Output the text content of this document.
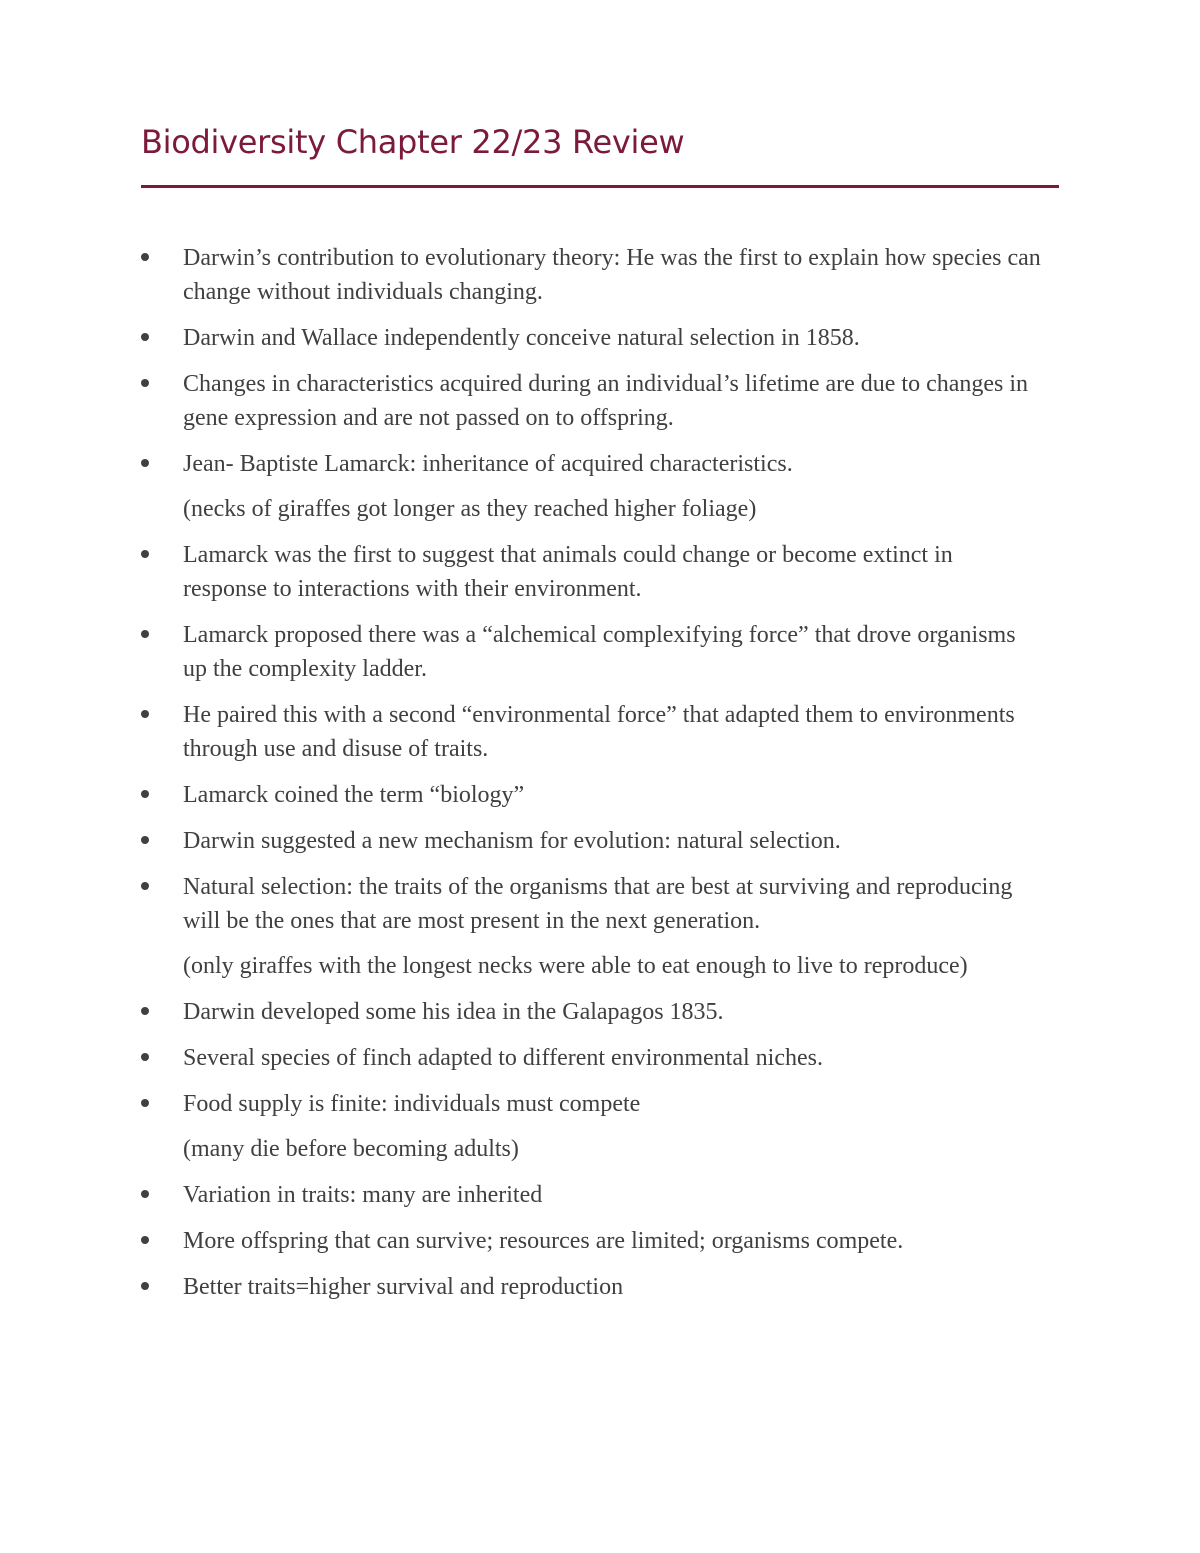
Biodiversity Chapter 22/23 Review
Darwin’s contribution to evolutionary theory: He was the first to explain how species can change without individuals changing.
Darwin and Wallace independently conceive natural selection in 1858.
Changes in characteristics acquired during an individual’s lifetime are due to changes in gene expression and are not passed on to offspring.
Jean- Baptiste Lamarck: inheritance of acquired characteristics.
(necks of giraffes got longer as they reached higher foliage)
Lamarck was the first to suggest that animals could change or become extinct in response to interactions with their environment.
Lamarck proposed there was a “alchemical complexifying force” that drove organisms up the complexity ladder.
He paired this with a second “environmental force” that adapted them to environments through use and disuse of traits.
Lamarck coined the term “biology”
Darwin suggested a new mechanism for evolution: natural selection.
Natural selection: the traits of the organisms that are best at surviving and reproducing will be the ones that are most present in the next generation.
(only giraffes with the longest necks were able to eat enough to live to reproduce)
Darwin developed some his idea in the Galapagos 1835.
Several species of finch adapted to different environmental niches.
Food supply is finite: individuals must compete
(many die before becoming adults)
Variation in traits: many are inherited
More offspring that can survive; resources are limited; organisms compete.
Better traits=higher survival and reproduction
